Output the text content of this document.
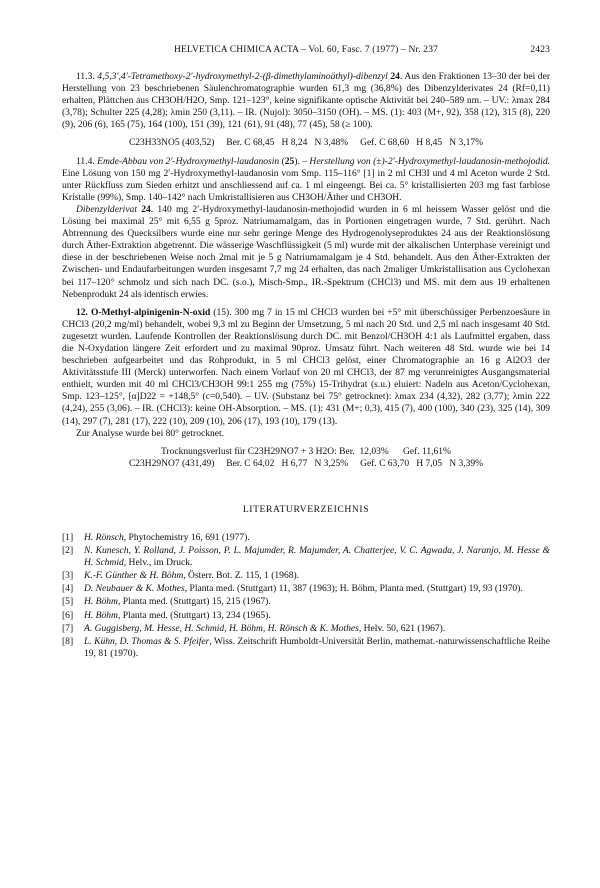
HELVETICA CHIMICA ACTA – Vol. 60, Fasc. 7 (1977) – Nr. 237	2423

11.3. 4,5,3′,4′-Tetramethoxy-2′-hydroxymethyl-2-(β-dimethylaminoäthyl)-dibenzyl 24. Aus den Fraktionen 13–30 der bei der Herstellung von 23 beschriebenen Säulenchromatographie wurden 61,3 mg (36,8%) des Dibenzylderivates 24 (Rf=0,11) erhalten, Plättchen aus CH3OH/H2O, Smp. 121–123°, keine signifikante optische Aktivität bei 240–589 nm. – UV.: λmax 284 (3,78); Schulter 225 (4,28); λmin 250 (3,11). – IR. (Nujol): 3050–3150 (OH). – MS. (1): 403 (M+, 92), 358 (12), 315 (8), 220 (9), 206 (6), 165 (75), 164 (100), 151 (39), 121 (61), 91 (48), 77 (45), 58 (≥ 100).

C23H33NO5 (403,52)     Ber. C 68,45   H 8,24   N 3,48%     Gef. C 68,60   H 8,45   N 3,17%

11.4. Emde-Abbau von 2′-Hydroxymethyl-laudanosin (25). – Herstellung von (±)-2′-Hydroxymethyl-laudanosin-methojodid. Eine Lösung von 150 mg 2′-Hydroxymethyl-laudanosin vom Smp. 115–116° [1] in 2 ml CH3I und 4 ml Aceton wurde 2 Std. unter Rückfluss zum Sieden erhitzt und anschliessend auf ca. 1 ml eingeengt. Bei ca. 5° kristallisierten 203 mg fast farblose Kristalle (99%), Smp. 140–142° nach Umkristallisieren aus CH3OH/Äther und CH3OH.

Dibenzylderivat 24. 140 mg 2′-Hydroxymethyl-laudanosin-methojodid wurden in 6 ml heissem Wasser gelöst und die Lösung bei maximal 25° mit 6,55 g 5proz. Natriumamalgam, das in Portionen eingetragen wurde, 7 Std. gerührt. Nach Abtrennung des Quecksilbers wurde eine nur sehr geringe Menge des Hydrogenolyseproduktes 24 aus der Reaktionslösung durch Äther-Extraktion abgetrennt. Die wässerige Waschflüssigkeit (5 ml) wurde mit der alkalischen Unterphase vereinigt und diese in der beschriebenen Weise noch 2mal mit je 5 g Natriumamalgam je 4 Std. behandelt. Aus den Äther-Extrakten der Zwischen- und Endaufarbeitungen wurden insgesamt 7,7 mg 24 erhalten, das nach 2maliger Umkristallisation aus Cyclohexan bei 117–120° schmolz und sich nach DC. (s.o.), Misch-Smp., IR.-Spektrum (CHCl3) und MS. mit dem aus 19 erhaltenen Nebenprodukt 24 als identisch erwies.

12. O-Methyl-alpinigenin-N-oxid (15). 300 mg 7 in 15 ml CHCl3 wurden bei +5° mit überschüssiger Perbenzoesäure in CHCl3 (20,2 mg/ml) behandelt, wobei 9,3 ml zu Beginn der Umsetzung, 5 ml nach 20 Std. und 2,5 ml nach insgesamt 40 Std. zugesetzt wurden. Laufende Kontrollen der Reaktionslösung durch DC. mit Benzol/CH3OH 4:1 als Laufmittel ergaben, dass die N-Oxydation längere Zeit erfordert und zu maximal 90proz. Umsatz führt. Nach weiteren 48 Std. wurde wie bei 14 beschrieben aufgearbeitet und das Rohprodukt, in 5 ml CHCl3 gelöst, einer Chromatographie an 16 g Al2O3 der Aktivitätsstufe III (Merck) unterworfen. Nach einem Vorlauf von 20 ml CHCl3, der 87 mg verunreinigtes Ausgangsmaterial enthielt, wurden mit 40 ml CHCl3/CH3OH 99:1 255 mg (75%) 15-Trihydrat (s.u.) eluiert: Nadeln aus Aceton/Cyclohexan, Smp. 123–125°, [α]D22 = +148,5° (c=0,540). – UV. (Substanz bei 75° getrocknet): λmax 234 (4,32), 282 (3,77); λmin 222 (4,24), 255 (3,06). – IR. (CHCl3): keine OH-Absorption. – MS. (1): 431 (M+; 0,3), 415 (7), 400 (100), 340 (23), 325 (14), 309 (14), 297 (7), 281 (17), 222 (10), 209 (10), 206 (17), 193 (10), 179 (13).

Zur Analyse wurde bei 80° getrocknet.

Trocknungsverlust für C23H29NO7 + 3 H2O: Ber.  12,03%      Gef. 11,61%
C23H29NO7 (431,49)     Ber. C 64,02   H 6,77   N 3,25%     Gef. C 63,70   H 7,05   N 3,39%
LITERATURVERZEICHNIS
[1] H. Rönsch, Phytochemistry 16, 691 (1977).
[2] N. Kunesch, Y. Rolland, J. Poisson, P. L. Majumder, R. Majumder, A. Chatterjee, V. C. Agwada, J. Naranjo, M. Hesse & H. Schmid, Helv., im Druck.
[3] K.-F. Günther & H. Böhm, Österr. Bot. Z. 115, 1 (1968).
[4] D. Neubauer & K. Mothes, Planta med. (Stuttgart) 11, 387 (1963); H. Böhm, Planta med. (Stuttgart) 19, 93 (1970).
[5] H. Böhm, Planta med. (Stuttgart) 15, 215 (1967).
[6] H. Böhm, Planta med. (Stuttgart) 13, 234 (1965).
[7] A. Guggisberg, M. Hesse, H. Schmid, H. Böhm, H. Rönsch & K. Mothes, Helv. 50, 621 (1967).
[8] L. Kühn, D. Thomas & S. Pfeifer, Wiss. Zeitschrift Humboldt-Universität Berlin, mathemat.-naturwissenschaftliche Reihe 19, 81 (1970).
